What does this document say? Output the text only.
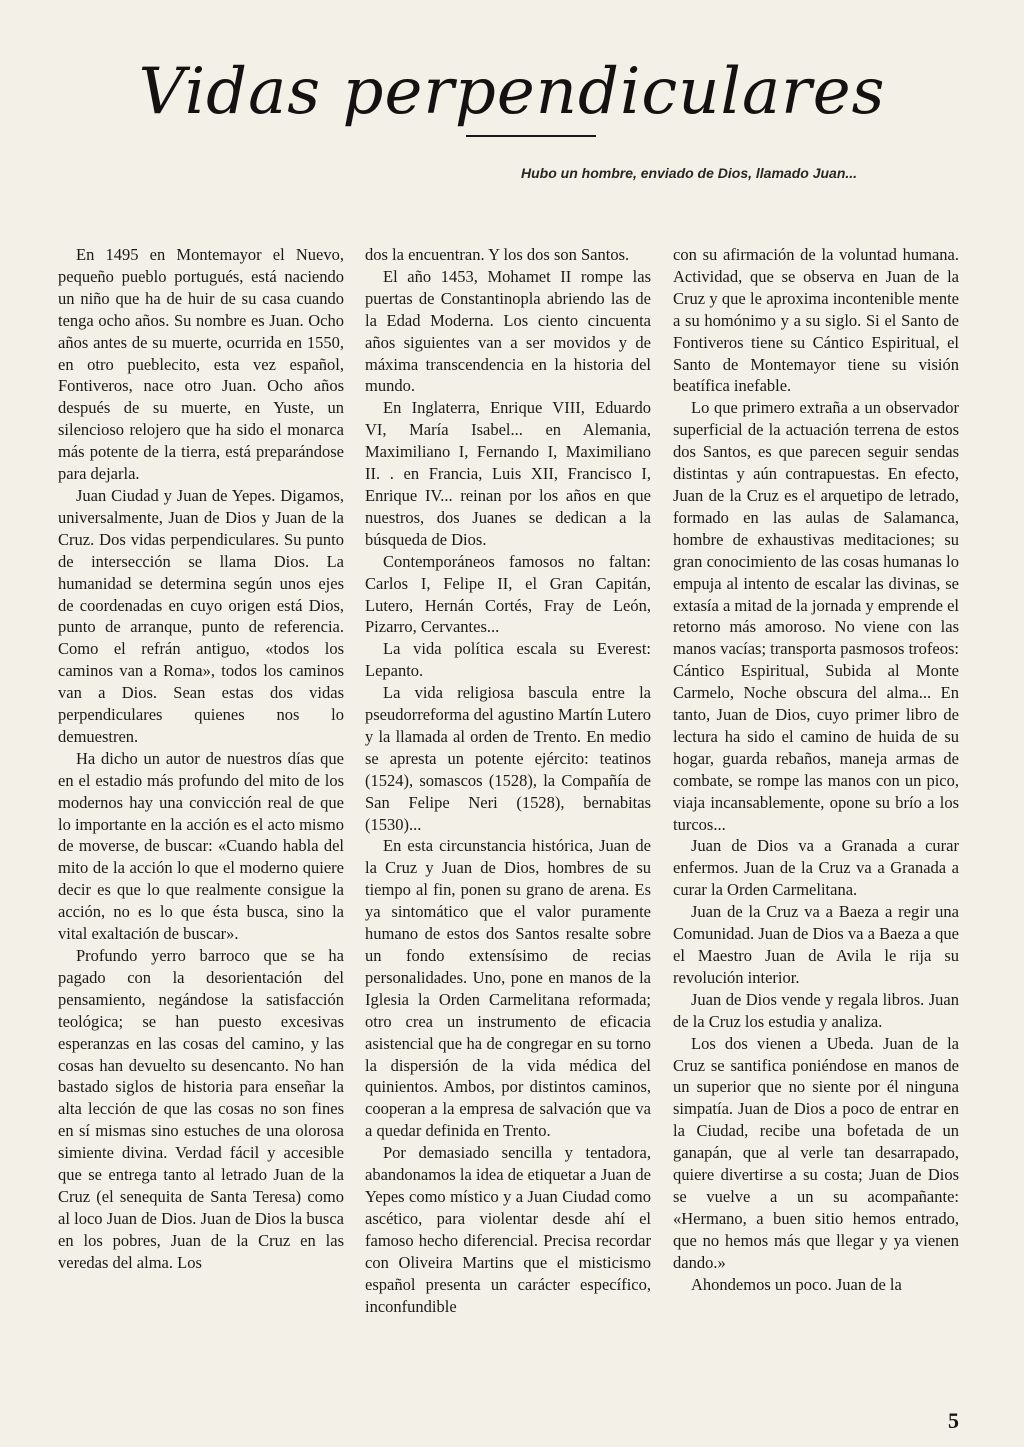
Vidas perpendiculares
Hubo un hombre, enviado de Dios, llamado Juan...

En 1495 en Montemayor el Nuevo, pequeño pueblo portugués, está naciendo un niño que ha de huir de su casa cuando tenga ocho años. Su nombre es Juan. Ocho años antes de su muerte, ocurrida en 1550, en otro pueblecito, esta vez español, Fontiveros, nace otro Juan. Ocho años después de su muerte, en Yuste, un silencioso relojero que ha sido el monarca más potente de la tierra, está preparándose para dejarla.

Juan Ciudad y Juan de Yepes. Digamos, universalmente, Juan de Dios y Juan de la Cruz. Dos vidas perpendiculares. Su punto de intersección se llama Dios. La humanidad se determina según unos ejes de coordenadas en cuyo origen está Dios, punto de arranque, punto de referencia. Como el refrán antiguo, «todos los caminos van a Roma», todos los caminos van a Dios. Sean estas dos vidas perpendiculares quienes nos lo demuestren.

Ha dicho un autor de nuestros días que en el estadio más profundo del mito de los modernos hay una convicción real de que lo importante en la acción es el acto mismo de moverse, de buscar: «Cuando habla del mito de la acción lo que el moderno quiere decir es que lo que realmente consigue la acción, no es lo que ésta busca, sino la vital exaltación de buscar».

Profundo yerro barroco que se ha pagado con la desorientación del pensamiento, negándose la satisfacción teológica; se han puesto excesivas esperanzas en las cosas del camino, y las cosas han devuelto su desencanto. No han bastado siglos de historia para enseñar la alta lección de que las cosas no son fines en sí mismas sino estuches de una olorosa simiente divina. Verdad fácil y accesible que se entrega tanto al letrado Juan de la Cruz (el senequita de Santa Teresa) como al loco Juan de Dios. Juan de Dios la busca en los pobres, Juan de la Cruz en las veredas del alma. Los

dos la encuentran. Y los dos son Santos.

El año 1453, Mohamet II rompe las puertas de Constantinopla abriendo las de la Edad Moderna. Los ciento cincuenta años siguientes van a ser movidos y de máxima transcendencia en la historia del mundo.

En Inglaterra, Enrique VIII, Eduardo VI, María Isabel... en Alemania, Maximiliano I, Fernando I, Maximiliano II. . en Francia, Luis XII, Francisco I, Enrique IV... reinan por los años en que nuestros, dos Juanes se dedican a la búsqueda de Dios.

Contemporáneos famosos no faltan: Carlos I, Felipe II, el Gran Capitán, Lutero, Hernán Cortés, Fray de León, Pizarro, Cervantes...

La vida política escala su Everest: Lepanto.

La vida religiosa bascula entre la pseudorreforma del agustino Martín Lutero y la llamada al orden de Trento. En medio se apresta un potente ejército: teatinos (1524), somascos (1528), la Compañía de San Felipe Neri (1528), bernabitas (1530)...

En esta circunstancia histórica, Juan de la Cruz y Juan de Dios, hombres de su tiempo al fin, ponen su grano de arena. Es ya sintomático que el valor puramente humano de estos dos Santos resalte sobre un fondo extensísimo de recias personalidades. Uno, pone en manos de la Iglesia la Orden Carmelitana reformada; otro crea un instrumento de eficacia asistencial que ha de congregar en su torno la dispersión de la vida médica del quinientos. Ambos, por distintos caminos, cooperan a la empresa de salvación que va a quedar definida en Trento.

Por demasiado sencilla y tentadora, abandonamos la idea de etiquetar a Juan de Yepes como místico y a Juan Ciudad como ascético, para violentar desde ahí el famoso hecho diferencial. Precisa recordar con Oliveira Martins que el misticismo español presenta un carácter específico, inconfundible

con su afirmación de la voluntad humana. Actividad, que se observa en Juan de la Cruz y que le aproxima incontenible mente a su homónimo y a su siglo. Si el Santo de Fontiveros tiene su Cántico Espiritual, el Santo de Montemayor tiene su visión beatífica inefable.

Lo que primero extraña a un observador superficial de la actuación terrena de estos dos Santos, es que parecen seguir sendas distintas y aún contrapuestas. En efecto, Juan de la Cruz es el arquetipo de letrado, formado en las aulas de Salamanca, hombre de exhaustivas meditaciones; su gran conocimiento de las cosas humanas lo empuja al intento de escalar las divinas, se extasía a mitad de la jornada y emprende el retorno más amoroso. No viene con las manos vacías; transporta pasmosos trofeos: Cántico Espiritual, Subida al Monte Carmelo, Noche obscura del alma... En tanto, Juan de Dios, cuyo primer libro de lectura ha sido el camino de huida de su hogar, guarda rebaños, maneja armas de combate, se rompe las manos con un pico, viaja incansablemente, opone su brío a los turcos...

Juan de Dios va a Granada a curar enfermos. Juan de la Cruz va a Granada a curar la Orden Carmelitana.

Juan de la Cruz va a Baeza a regir una Comunidad. Juan de Dios va a Baeza a que el Maestro Juan de Avila le rija su revolución interior.

Juan de Dios vende y regala libros. Juan de la Cruz los estudia y analiza.

Los dos vienen a Ubeda. Juan de la Cruz se santifica poniéndose en manos de un superior que no siente por él ninguna simpatía. Juan de Dios a poco de entrar en la Ciudad, recibe una bofetada de un ganapán, que al verle tan desarrapado, quiere divertirse a su costa; Juan de Dios se vuelve a un su acompañante: «Hermano, a buen sitio hemos entrado, que no hemos más que llegar y ya vienen dando.»

Ahondemos un poco. Juan de la

5
